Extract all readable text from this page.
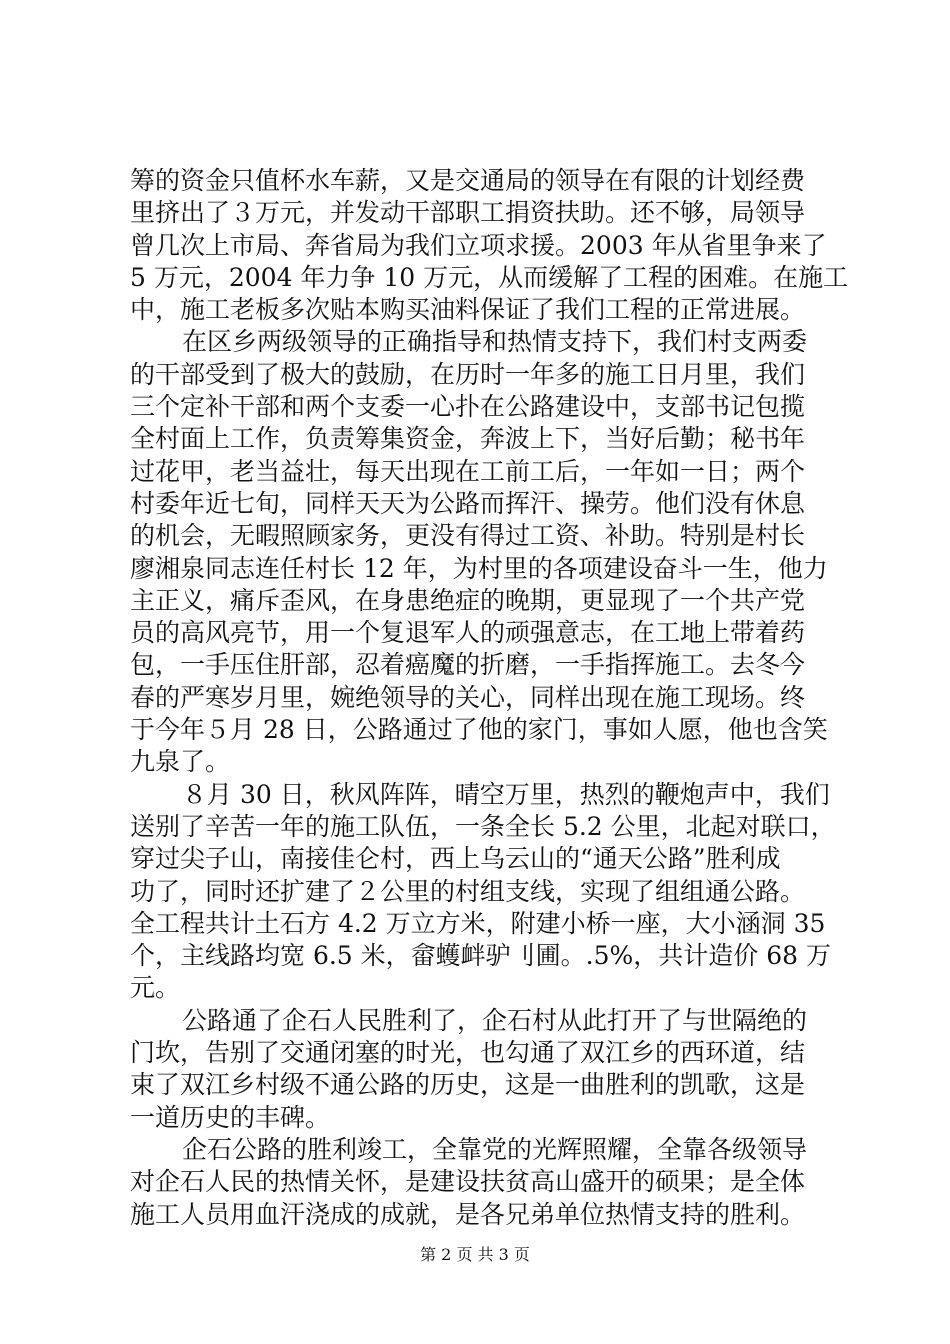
筹的资金只值杯水车薪，又是交通局的领导在有限的计划经费
里挤出了３万元，并发动干部职工捐资扶助。还不够，局领导
曾几次上市局、奔省局为我们立项求援。2003 年从省里争来了
5 万元，2004 年力争 10 万元，从而缓解了工程的困难。在施工
中，施工老板多次贴本购买油料保证了我们工程的正常进展。
在区乡两级领导的正确指导和热情支持下，我们村支两委
的干部受到了极大的鼓励，在历时一年多的施工日月里，我们
三个定补干部和两个支委一心扑在公路建设中，支部书记包揽
全村面上工作，负责筹集资金，奔波上下，当好后勤；秘书年
过花甲，老当益壮，每天出现在工前工后，一年如一日；两个
村委年近七旬，同样天天为公路而挥汗、操劳。他们没有休息
的机会，无暇照顾家务，更没有得过工资、补助。特别是村长
廖湘泉同志连任村长 12 年，为村里的各项建设奋斗一生，他力
主正义，痛斥歪风，在身患绝症的晚期，更显现了一个共产党
员的高风亮节，用一个复退军人的顽强意志，在工地上带着药
包，一手压住肝部，忍着癌魔的折磨，一手指挥施工。去冬今
春的严寒岁月里，婉绝领导的关心，同样出现在施工现场。终
于今年５月 28 日，公路通过了他的家门，事如人愿，他也含笑
九泉了。
８月 30 日，秋风阵阵，晴空万里，热烈的鞭炮声中，我们
送别了辛苦一年的施工队伍，一条全长 5.2 公里，北起对联口，
穿过尖子山，南接佳仑村，西上乌云山的“通天公路”胜利成
功了，同时还扩建了２公里的村组支线，实现了组组通公路。
全工程共计土石方 4.2 万立方米，附建小桥一座，大小涵洞 35
个，主线路均宽 6.5 米，畲蠖衅驴刂圃。.5%，共计造价 68 万
元。
公路通了企石人民胜利了，企石村从此打开了与世隔绝的
门坎，告别了交通闭塞的时光，也勾通了双江乡的西环道，结
束了双江乡村级不通公路的历史，这是一曲胜利的凯歌，这是
一道历史的丰碑。
企石公路的胜利竣工，全靠党的光辉照耀，全靠各级领导
对企石人民的热情关怀，是建设扶贫高山盛开的硕果；是全体
施工人员用血汗浇成的成就，是各兄弟单位热情支持的胜利。
第 2 页 共 3 页
